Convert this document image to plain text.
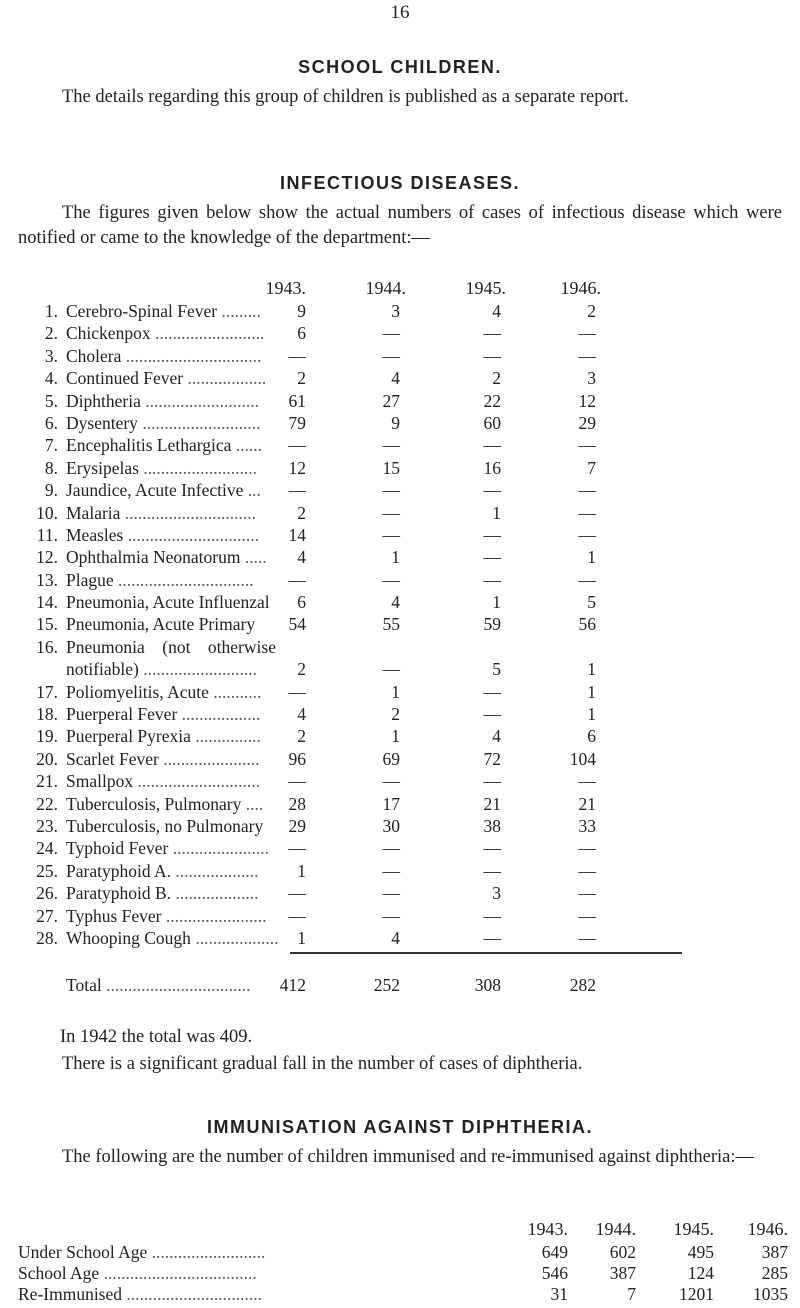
16
SCHOOL CHILDREN.
The details regarding this group of children is published as a separate report.
INFECTIOUS DISEASES.
The figures given below show the actual numbers of cases of infectious disease which were notified or came to the knowledge of the department:—
1943.	1944.	1945.	1946.
1. Cerebro-Spinal Fever .........	9	3	4	2
2. Chickenpox .........................	6	—	—	—
3. Cholera ...............................	—	—	—	—
4. Continued Fever ..................	2	4	2	3
5. Diphtheria ..........................	61	27	22	12
6. Dysentery ...........................	79	9	60	29
7. Encephalitis Lethargica ......	—	—	—	—
8. Erysipelas ..........................	12	15	16	7
9. Jaundice, Acute Infective ...	—	—	—	—
10. Malaria ..............................	2	—	1	—
11. Measles ..............................	14	—	—	—
12. Ophthalmia Neonatorum .....	4	1	—	1
13. Plague ...............................	—	—	—	—
14. Pneumonia, Acute Influenzal	6	4	1	5
15. Pneumonia, Acute Primary	54	55	59	56
16. Pneumonia    (not    otherwise
notifiable) ..........................	2	—	5	1
17. Poliomyelitis, Acute ...........	—	1	—	1
18. Puerperal Fever ..................	4	2	—	1
19. Puerperal Pyrexia ...............	2	1	4	6
20. Scarlet Fever ......................	96	69	72	104
21. Smallpox ............................	—	—	—	—
22. Tuberculosis, Pulmonary ....	28	17	21	21
23. Tuberculosis, no Pulmonary	29	30	38	33
24. Typhoid Fever ......................	—	—	—	—
25. Paratyphoid A. ...................	1	—	—	—
26. Paratyphoid B. ...................	—	—	3	—
27. Typhus Fever .......................	—	—	—	—
28. Whooping Cough ...................	1	4	—	—
Total .................................	412	252	308	282
In 1942 the total was 409.
There is a significant gradual fall in the number of cases of diphtheria.
IMMUNISATION AGAINST DIPHTHERIA.
The following are the number of children immunised and re-immunised against diphtheria:—
1943.	1944.	1945.	1946.
Under School Age ..........................	649	602	495	387
School Age ...................................	546	387	124	285
Re-Immunised ...............................	31	7	1201	1035
